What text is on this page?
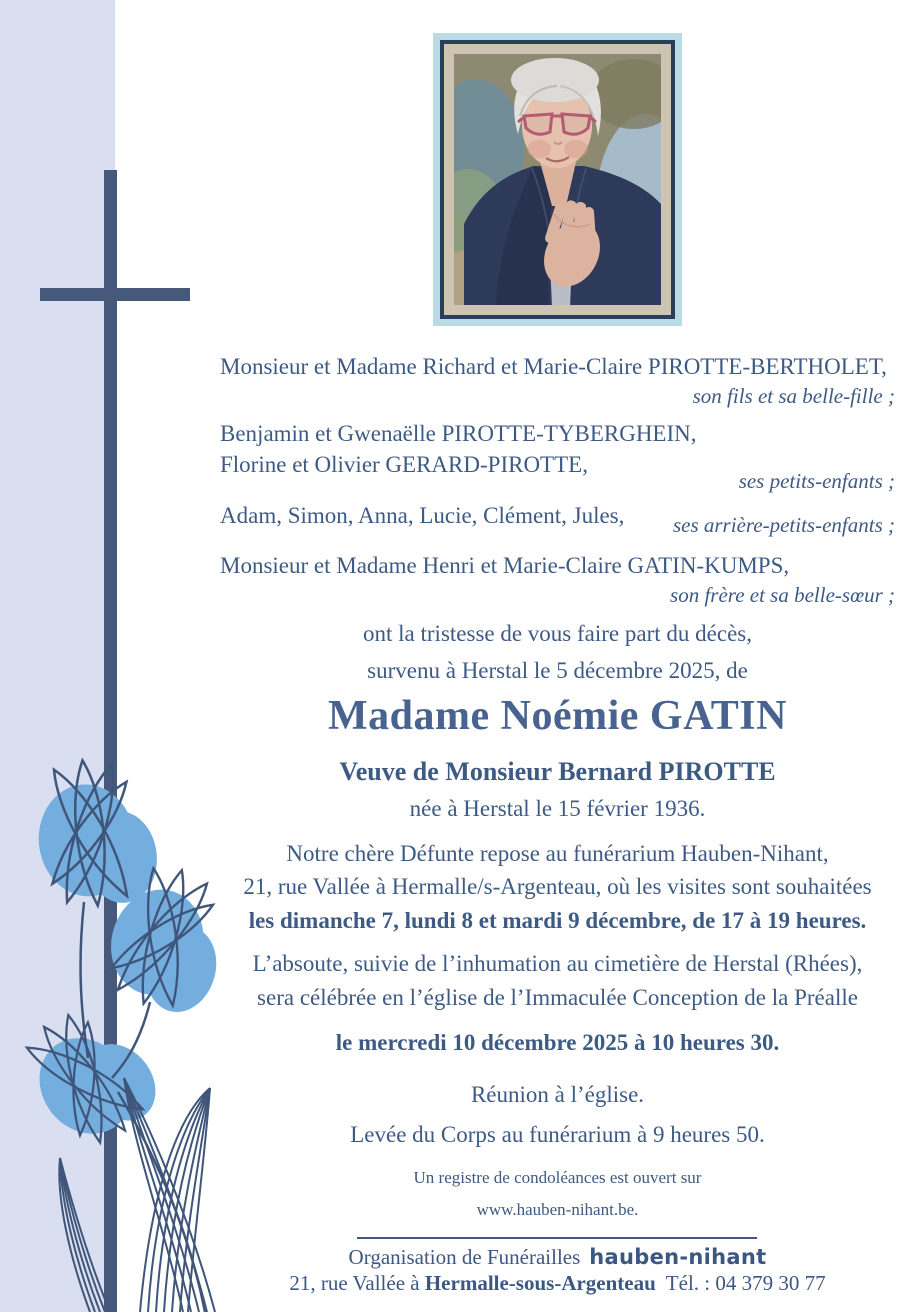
Monsieur et Madame Richard et Marie-Claire PIROTTE-BERTHOLET,
son fils et sa belle-fille ;
Benjamin et Gwenaëlle PIROTTE-TYBERGHEIN,
Florine et Olivier GERARD-PIROTTE,
ses petits-enfants ;
Adam, Simon, Anna, Lucie, Clément, Jules,	ses arrière-petits-enfants ;
Monsieur et Madame Henri et Marie-Claire GATIN-KUMPS,
son frère et sa belle-sœur ;
ont la tristesse de vous faire part du décès,
survenu à Herstal le 5 décembre 2025, de
Madame Noémie GATIN
Veuve de Monsieur Bernard PIROTTE
née à Herstal le 15 février 1936.
Notre chère Défunte repose au funérarium Hauben-Nihant,
21, rue Vallée à Hermalle/s-Argenteau, où les visites sont souhaitées
les dimanche 7, lundi 8 et mardi 9 décembre, de 17 à 19 heures.
L’absoute, suivie de l’inhumation au cimetière de Herstal (Rhées),
sera célébrée en l’église de l’Immaculée Conception de la Préalle
le mercredi 10 décembre 2025 à 10 heures 30.
Réunion à l’église.
Levée du Corps au funérarium à 9 heures 50.
Un registre de condoléances est ouvert sur
www.hauben-nihant.be.
Organisation de Funérailles hauben-nihant
21, rue Vallée à Hermalle-sous-Argenteau Tél. : 04 379 30 77
